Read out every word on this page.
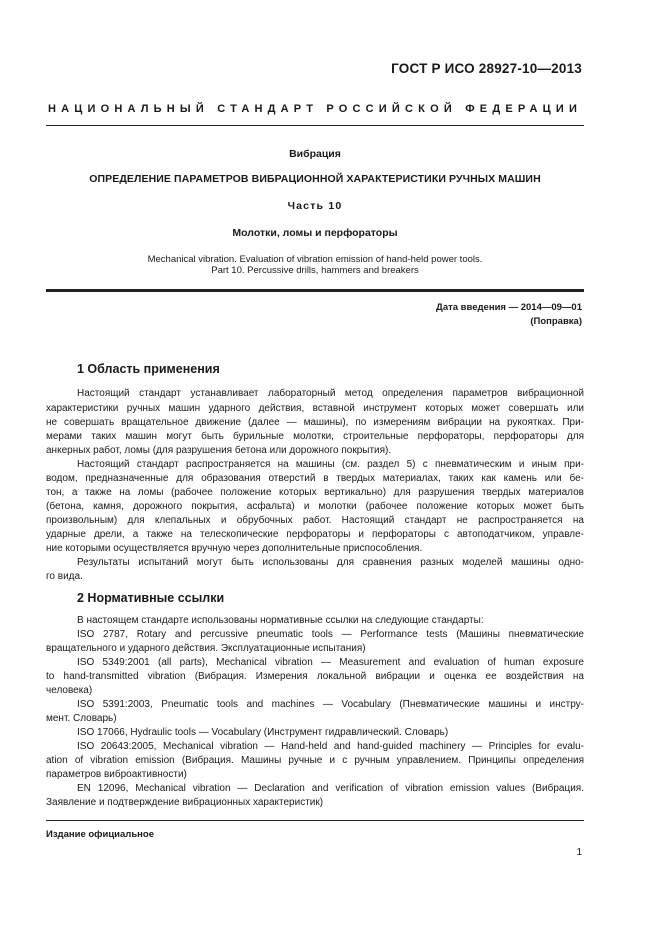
ГОСТ Р ИСО 28927-10—2013
НАЦИОНАЛЬНЫЙ СТАНДАРТ РОССИЙСКОЙ ФЕДЕРАЦИИ
Вибрация
ОПРЕДЕЛЕНИЕ ПАРАМЕТРОВ ВИБРАЦИОННОЙ ХАРАКТЕРИСТИКИ РУЧНЫХ МАШИН
Часть 10
Молотки, ломы и перфораторы
Mechanical vibration. Evaluation of vibration emission of hand-held power tools.
Part 10. Percussive drills, hammers and breakers
Дата введения — 2014—09—01
(Поправка)
1 Область применения
Настоящий стандарт устанавливает лабораторный метод определения параметров вибрационной
характеристики ручных машин ударного действия, вставной инструмент которых может совершать или
не совершать вращательное движение (далее — машины), по измерениям вибрации на рукоятках. При-
мерами таких машин могут быть бурильные молотки, строительные перфораторы, перфораторы для
анкерных работ, ломы (для разрушения бетона или дорожного покрытия).
Настоящий стандарт распространяется на машины (см. раздел 5) с пневматическим и иным при-
водом, предназначенные для образования отверстий в твердых материалах, таких как камень или бе-
тон, а также на ломы (рабочее положение которых вертикально) для разрушения твердых материалов
(бетона, камня, дорожного покрытия, асфальта) и молотки (рабочее положение которых может быть
произвольным) для клепальных и обрубочных работ. Настоящий стандарт не распространяется на
ударные дрели, а также на телескопические перфораторы и перфораторы с автоподатчиком, управле-
ние которыми осуществляется вручную через дополнительные приспособления.
Результаты испытаний могут быть использованы для сравнения разных моделей машины одно-
го вида.
2 Нормативные ссылки
В настоящем стандарте использованы нормативные ссылки на следующие стандарты:
ISO 2787, Rotary and percussive pneumatic tools — Performance tests (Машины пневматические
вращательного и ударного действия. Эксплуатационные испытания)
ISO 5349:2001 (all parts), Mechanical vibration — Measurement and evaluation of human exposure
to hand-transmitted vibration (Вибрация. Измерения локальной вибрации и оценка ее воздействия на
человека)
ISO 5391:2003, Pneumatic tools and machines — Vocabulary (Пневматические машины и инстру-
мент. Словарь)
ISO 17066, Hydraulic tools — Vocabulary (Инструмент гидравлический. Словарь)
ISO 20643:2005, Mechanical vibration — Hand-held and hand-guided machinery — Principles for evalu-
ation of vibration emission (Вибрация. Машины ручные и с ручным управлением. Принципы определения
параметров виброактивности)
EN 12096, Mechanical vibration — Declaration and verification of vibration emission values (Вибрация.
Заявление и подтверждение вибрационных характеристик)
Издание официальное
1
